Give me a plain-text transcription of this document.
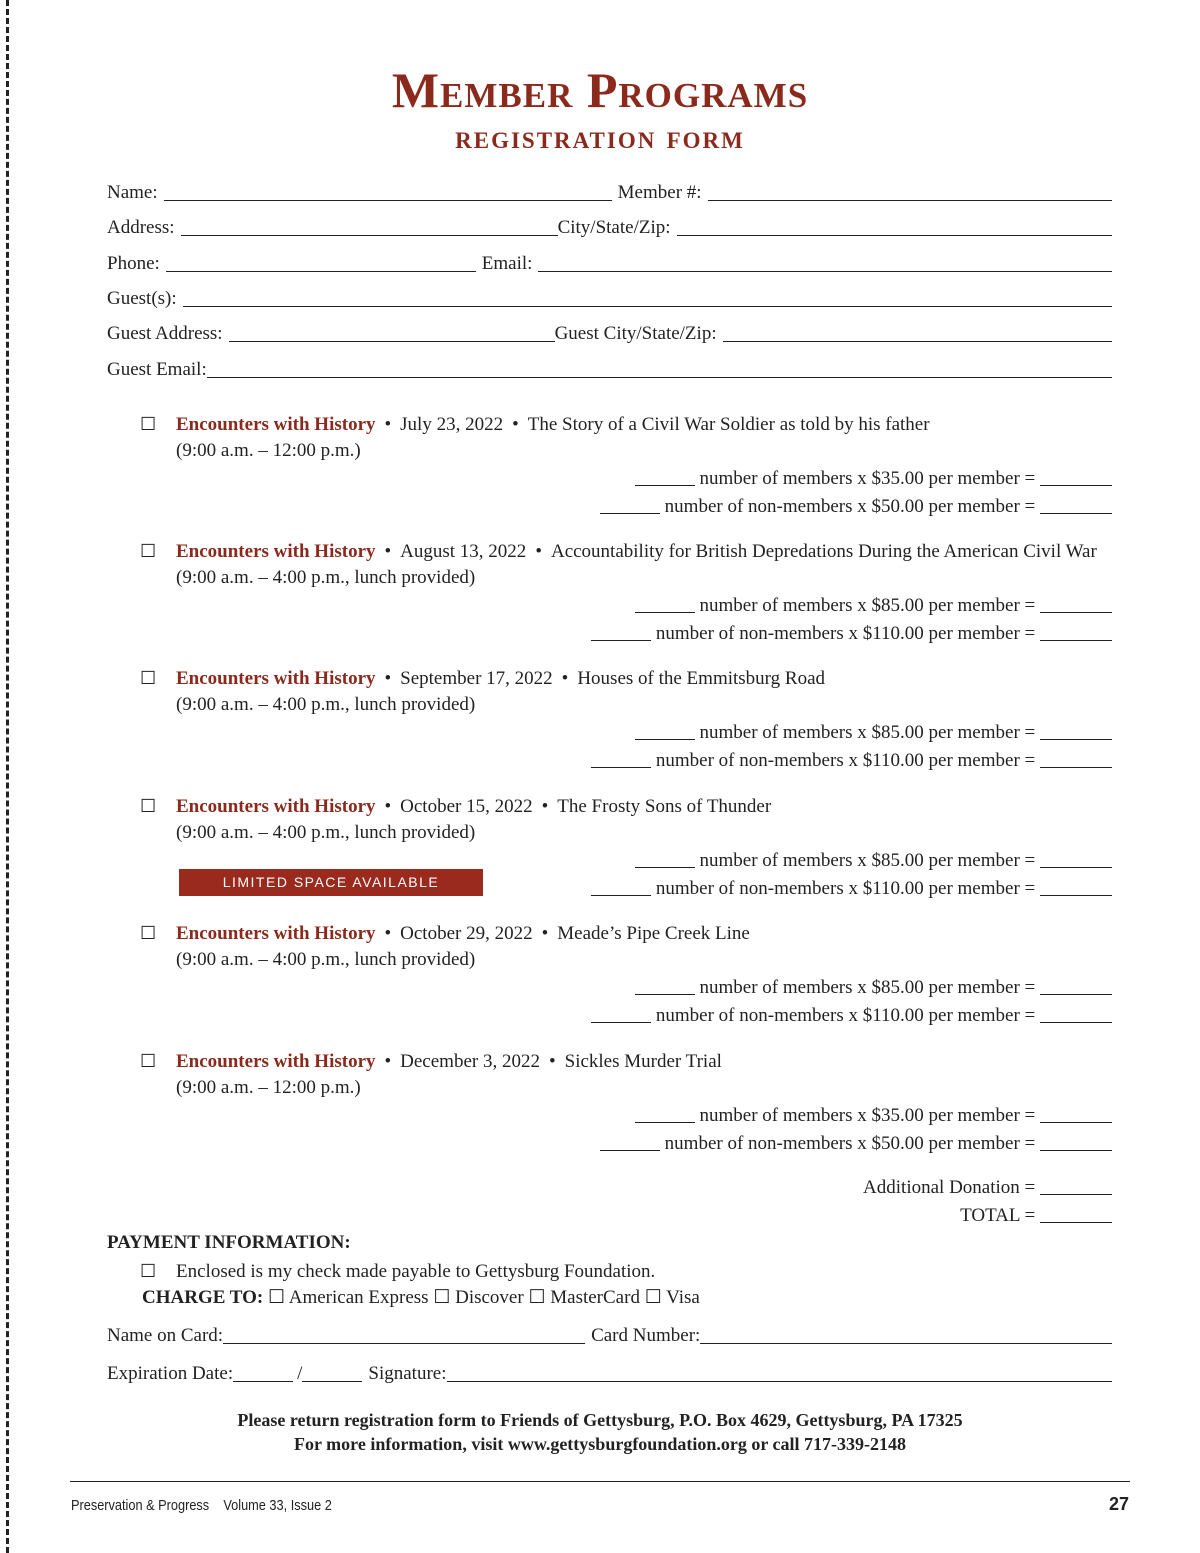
Member Programs
registration form
Name:	Member #:
Address:	City/State/Zip:
Phone:	Email:
Guest(s):
Guest Address:	Guest City/State/Zip:
Guest Email:
☐ Encounters with History • July 23, 2022 • The Story of a Civil War Soldier as told by his father
(9:00 a.m. – 12:00 p.m.)
number of members x $35.00 per member =
number of non-members x $50.00 per member =
☐ Encounters with History • August 13, 2022 • Accountability for British Depredations During the American Civil War
(9:00 a.m. – 4:00 p.m., lunch provided)
number of members x $85.00 per member =
number of non-members x $110.00 per member =
☐ Encounters with History • September 17, 2022 • Houses of the Emmitsburg Road
(9:00 a.m. – 4:00 p.m., lunch provided)
number of members x $85.00 per member =
number of non-members x $110.00 per member =
☐ Encounters with History • October 15, 2022 • The Frosty Sons of Thunder
(9:00 a.m. – 4:00 p.m., lunch provided)
LIMITED SPACE AVAILABLE
number of members x $85.00 per member =
number of non-members x $110.00 per member =
☐ Encounters with History • October 29, 2022 • Meade’s Pipe Creek Line
(9:00 a.m. – 4:00 p.m., lunch provided)
number of members x $85.00 per member =
number of non-members x $110.00 per member =
☐ Encounters with History • December 3, 2022 • Sickles Murder Trial
(9:00 a.m. – 12:00 p.m.)
number of members x $35.00 per member =
number of non-members x $50.00 per member =
Additional Donation =
TOTAL =
PAYMENT INFORMATION:
☐ Enclosed is my check made payable to Gettysburg Foundation.
CHARGE TO: ☐ American Express ☐ Discover ☐ MasterCard ☐ Visa
Name on Card:	Card Number:
Expiration Date:	/	Signature:
Please return registration form to Friends of Gettysburg, P.O. Box 4629, Gettysburg, PA 17325
For more information, visit www.gettysburgfoundation.org or call 717-339-2148
Preservation & Progress Volume 33, Issue 2	27
